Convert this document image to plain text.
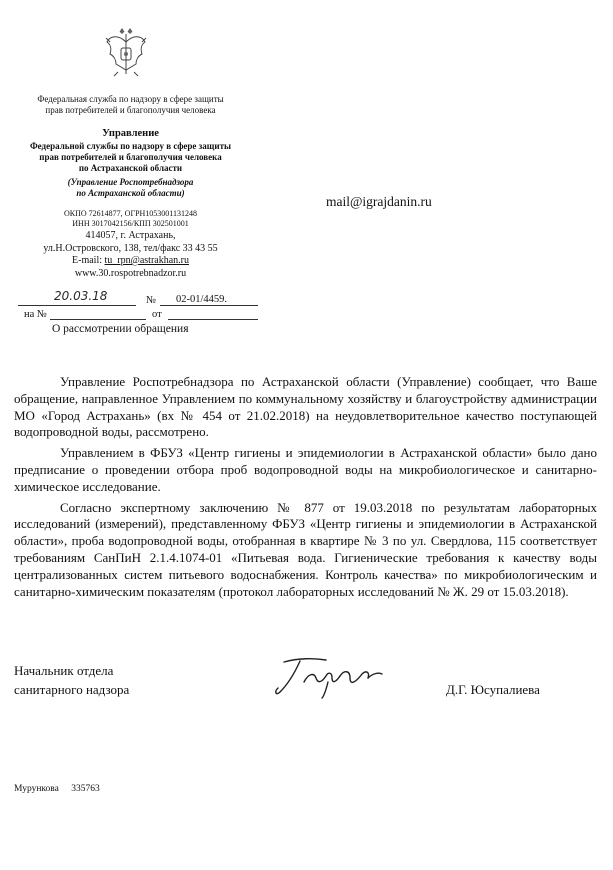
Федеральная служба по надзору в сфере защиты
прав потребителей и благополучия человека
Управление
Федеральной службы по надзору в сфере защиты
прав потребителей и благополучия человека
по Астраханской области
(Управление Роспотребнадзора
по Астраханской области)
ОКПО 72614877, ОГРН1053001131248
ИНН 3017042156/КПП 302501001
414057, г. Астрахань,
ул.Н.Островского, 138, тел/факс 33 43 55
E-mail: tu_rpn@astrakhan.ru
www.30.rospotrebnadzor.ru
mail@igrajdanin.ru
20.03.18	№ 02-01/4459.
на №	от
О рассмотрении обращения

Управление Роспотребнадзора по Астраханской области (Управление) сообщает, что Ваше обращение, направленное Управлением по коммунальному хозяйству и благоустройству администрации МО «Город Астрахань» (вх № 454 от 21.02.2018) на неудовлетворительное качество поступающей водопроводной воды, рассмотрено.

Управлением в ФБУЗ «Центр гигиены и эпидемиологии в Астраханской области» было дано предписание о проведении отбора проб водопроводной воды на микробиологическое и санитарно-химическое исследование.

Согласно экспертному заключению № 877 от 19.03.2018 по результатам лабораторных исследований (измерений), представленному ФБУЗ «Центр гигиены и эпидемиологии в Астраханской области», проба водопроводной воды, отобранная в квартире № 3 по ул. Свердлова, 115 соответствует требованиям СанПиН 2.1.4.1074-01 «Питьевая вода. Гигиенические требования к качеству воды централизованных систем питьевого водоснабжения. Контроль качества» по микробиологическим и санитарно-химическим показателям (протокол лабораторных исследований № Ж. 29 от 15.03.2018).

Начальник отдела
санитарного надзора	Д.Г. Юсупалиева
Мурункова 335763
